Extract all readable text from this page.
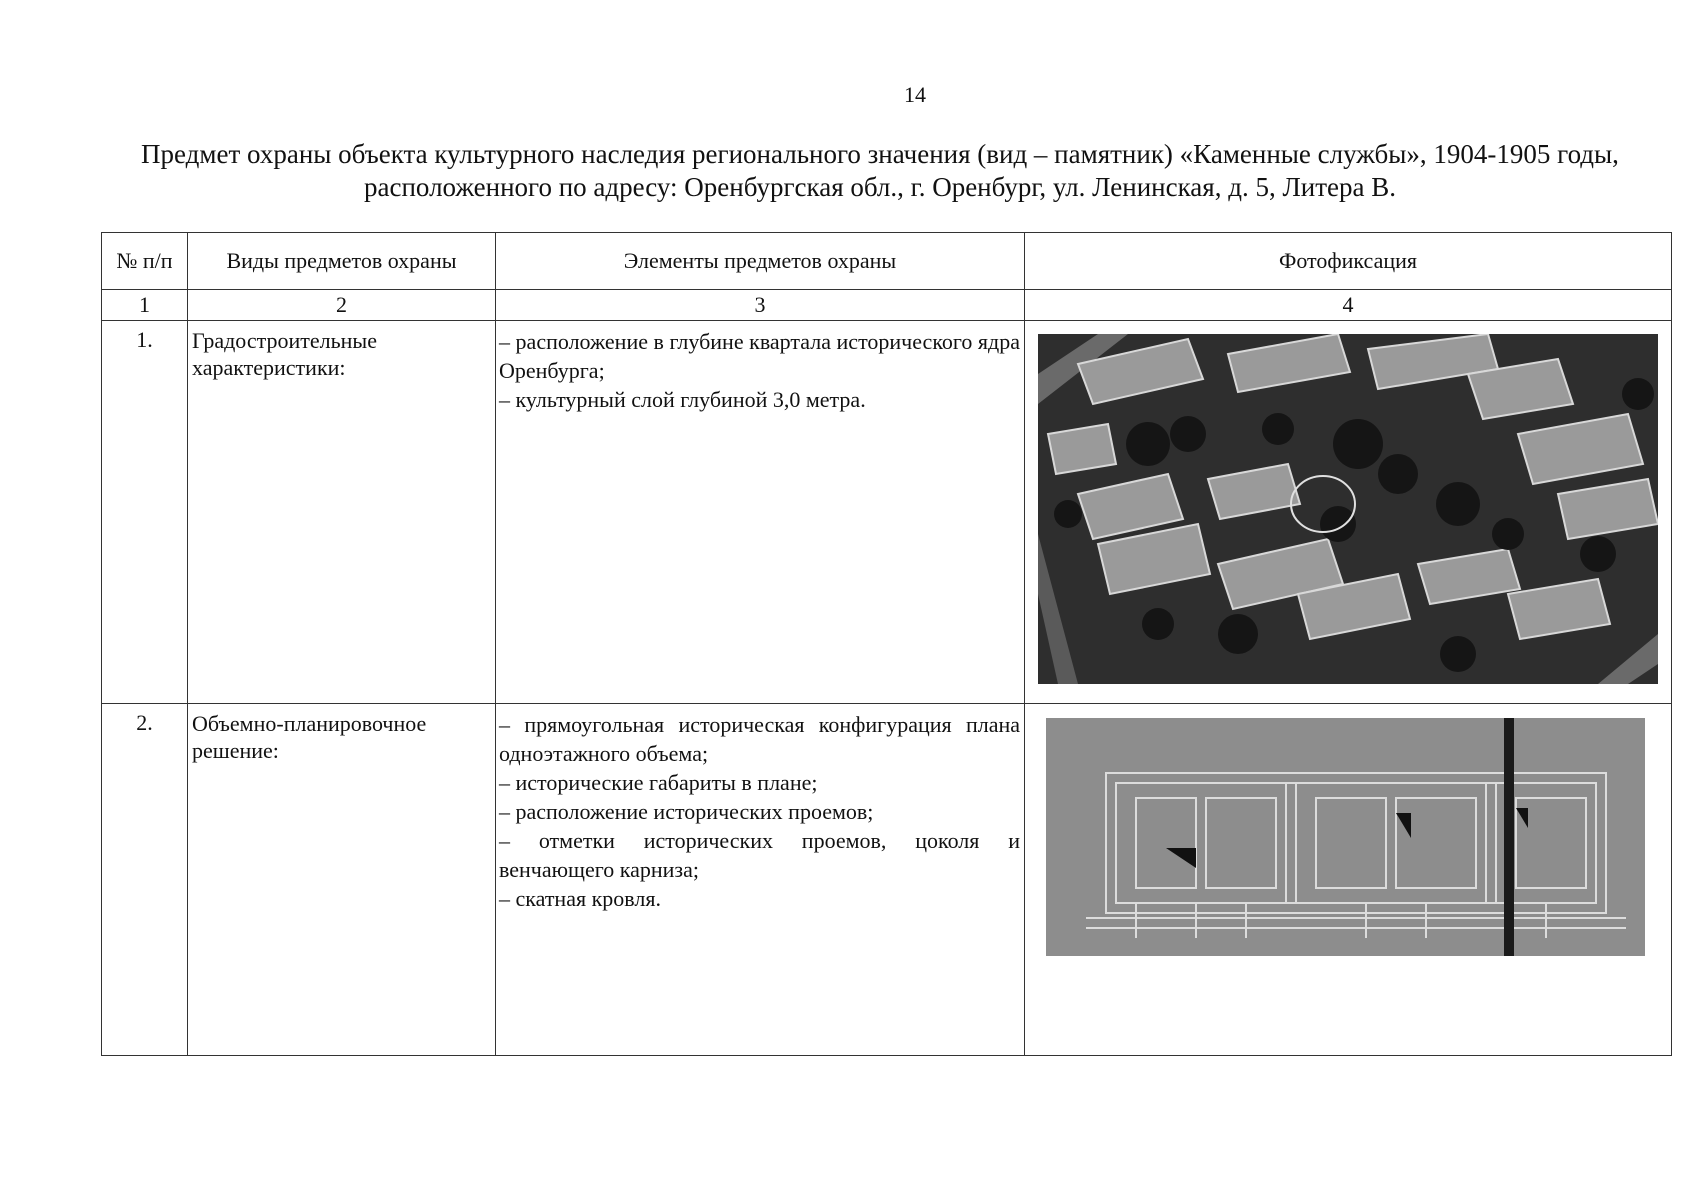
14
Предмет охраны объекта культурного наследия регионального значения (вид – памятник) «Каменные службы», 1904-1905 годы, расположенного по адресу: Оренбургская обл., г. Оренбург, ул. Ленинская, д. 5, Литера В.
№ п/п	Виды предметов охраны	Элементы предметов охраны	Фотофиксация
1	2	3	4
1.	Градостроительные характеристики:	– расположение в глубине квартала исторического ядра Оренбурга;
– культурный слой глубиной 3,0 метра.

2.	Объемно-планировочное решение:	– прямоугольная историческая конфигурация плана одноэтажного объема;
– исторические габариты в плане;
– расположение исторических проемов;
– отметки исторических проемов, цоколя и венчающего карниза;
– скатная кровля.
